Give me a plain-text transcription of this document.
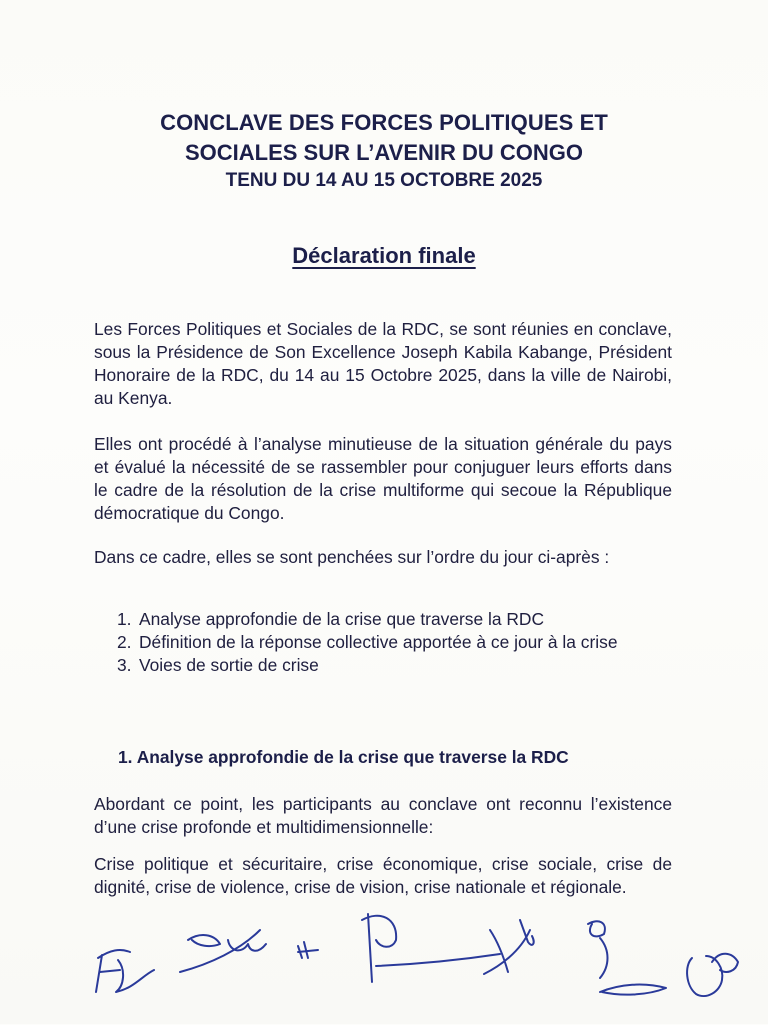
CONCLAVE DES FORCES POLITIQUES ET
SOCIALES SUR L’AVENIR DU CONGO
TENU DU 14 AU 15 OCTOBRE 2025
Déclaration finale
Les Forces Politiques et Sociales de la RDC, se sont réunies en conclave, sous la Présidence de Son Excellence Joseph Kabila Kabange, Président Honoraire de la RDC, du 14 au 15 Octobre 2025, dans la ville de Nairobi, au Kenya.
Elles ont procédé à l’analyse minutieuse de la situation générale du pays et évalué la nécessité de se rassembler pour conjuguer leurs efforts dans le cadre de la résolution de la crise multiforme qui secoue la République démocratique du Congo.
Dans ce cadre, elles se sont penchées sur l’ordre du jour ci-après :
1. Analyse approfondie de la crise que traverse la RDC
2. Définition de la réponse collective apportée à ce jour à la crise
3. Voies de sortie de crise
1. Analyse approfondie de la crise que traverse la RDC
Abordant ce point, les participants au conclave ont reconnu l’existence d’une crise profonde et multidimensionnelle:
Crise politique et sécuritaire, crise économique, crise sociale, crise de dignité, crise de violence, crise de vision, crise nationale et régionale.
